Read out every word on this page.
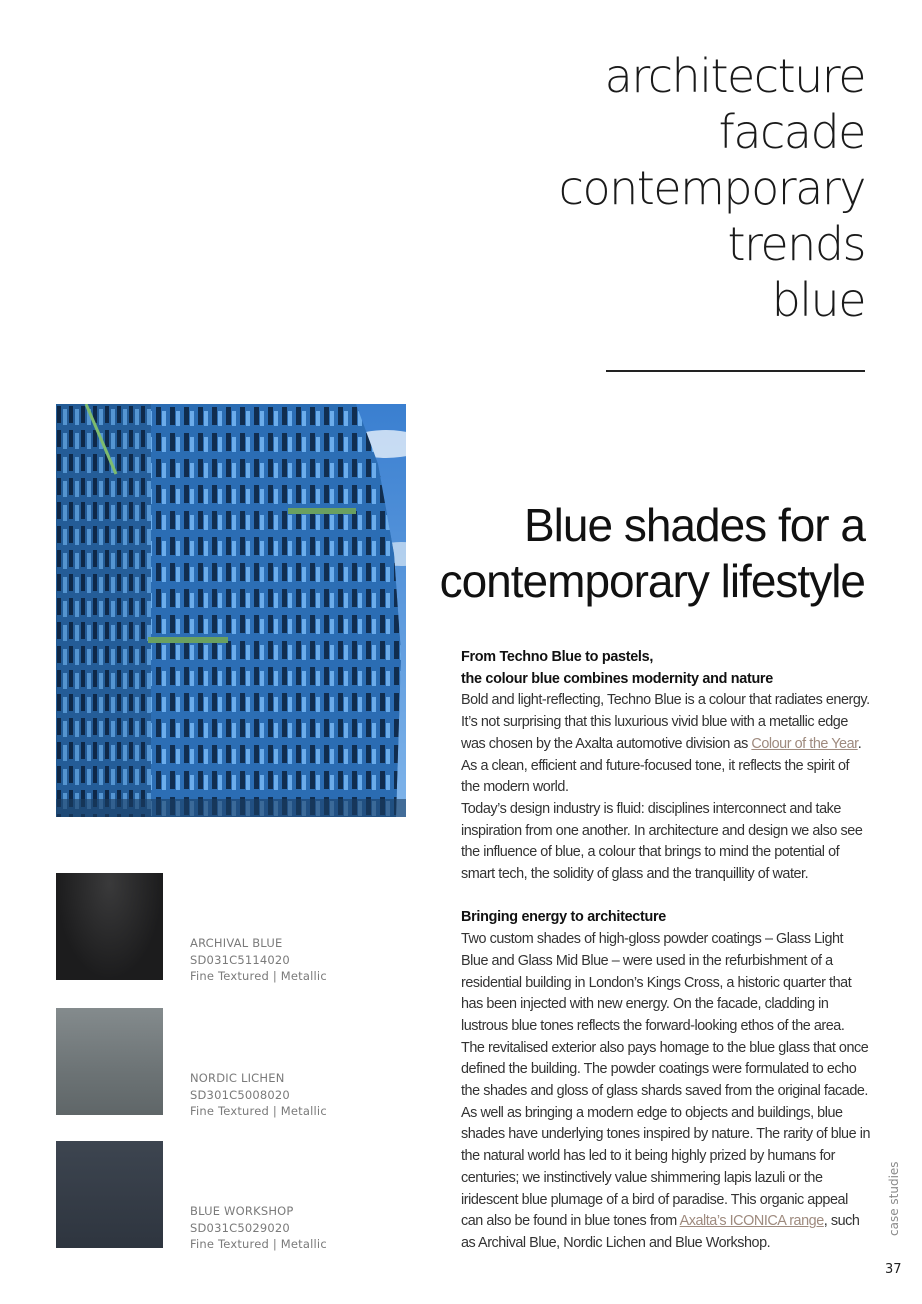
architecture
facade
contemporary
trends
blue
Blue shades for a
contemporary lifestyle
From Techno Blue to pastels,
the colour blue combines modernity and nature

Bold and light-reflecting, Techno Blue is a colour that radiates energy. It’s not surprising that this luxurious vivid blue with a metallic edge was chosen by the Axalta automotive division as Colour of the Year. As a clean, efficient and future-focused tone, it reflects the spirit of the modern world.

Today’s design industry is fluid: disciplines interconnect and take inspiration from one another. In architecture and design we also see the influence of blue, a colour that brings to mind the potential of smart tech, the solidity of glass and the tranquillity of water.

Bringing energy to architecture

Two custom shades of high-gloss powder coatings – Glass Light Blue and Glass Mid Blue – were used in the refurbishment of a residential building in London’s Kings Cross, a historic quarter that has been injected with new energy. On the facade, cladding in lustrous blue tones reflects the forward-looking ethos of the area. The revitalised exterior also pays homage to the blue glass that once defined the building. The powder coatings were formulated to echo the shades and gloss of glass shards saved from the original facade.

As well as bringing a modern edge to objects and buildings, blue shades have underlying tones inspired by nature. The rarity of blue in the natural world has led to it being highly prized by humans for centuries; we instinctively value shimmering lapis lazuli or the iridescent blue plumage of a bird of paradise. This organic appeal can also be found in blue tones from Axalta’s ICONICA range, such as Archival Blue, Nordic Lichen and Blue Workshop.

ARCHIVAL BLUE
SD031C5114020
Fine Textured | Metallic
NORDIC LICHEN
SD301C5008020
Fine Textured | Metallic
BLUE WORKSHOP
SD031C5029020
Fine Textured | Metallic
case studies
37
